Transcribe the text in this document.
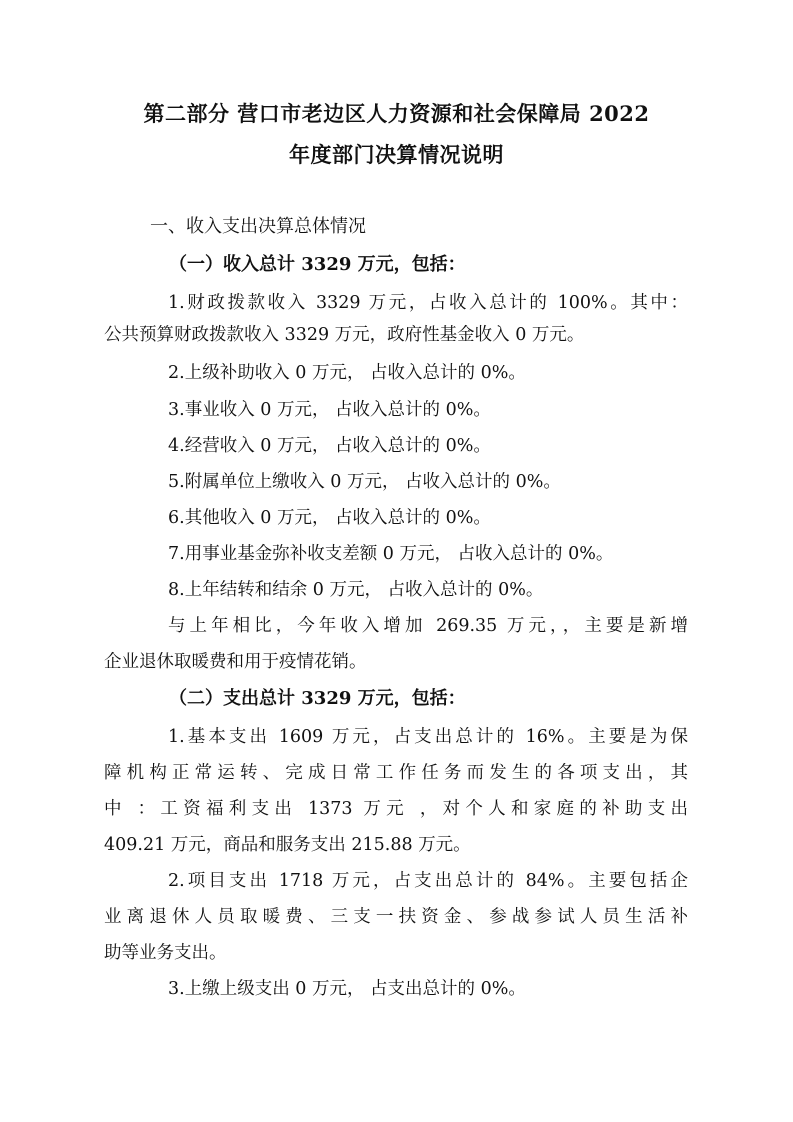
第二部分 营口市老边区人力资源和社会保障局 2022
年度部门决算情况说明
一、收入支出决算总体情况
（一）收入总计 3329 万元，包括：
1.财政拨款收入 3329 万元，占收入总计的 100%。其中：
公共预算财政拨款收入 3329 万元，政府性基金收入 0 万元。
2.上级补助收入 0 万元， 占收入总计的 0%。
3.事业收入 0 万元， 占收入总计的 0%。
4.经营收入 0 万元， 占收入总计的 0%。
5.附属单位上缴收入 0 万元， 占收入总计的 0%。
6.其他收入 0 万元， 占收入总计的 0%。
7.用事业基金弥补收支差额 0 万元， 占收入总计的 0%。
8.上年结转和结余 0 万元， 占收入总计的 0%。
与上年相比，今年收入增加 269.35 万元，，主要是新增
企业退休取暖费和用于疫情花销。
（二）支出总计 3329 万元，包括：
1.基本支出 1609 万元，占支出总计的 16%。主要是为保
障机构正常运转、完成日常工作任务而发生的各项支出，其
中 ：工资福利支出 1373 万元 ，对个人和家庭的补助支出
409.21 万元，商品和服务支出 215.88 万元。
2.项目支出 1718 万元，占支出总计的 84%。主要包括企
业离退休人员取暖费、三支一扶资金、参战参试人员生活补
助等业务支出。
3.上缴上级支出 0 万元， 占支出总计的 0%。
